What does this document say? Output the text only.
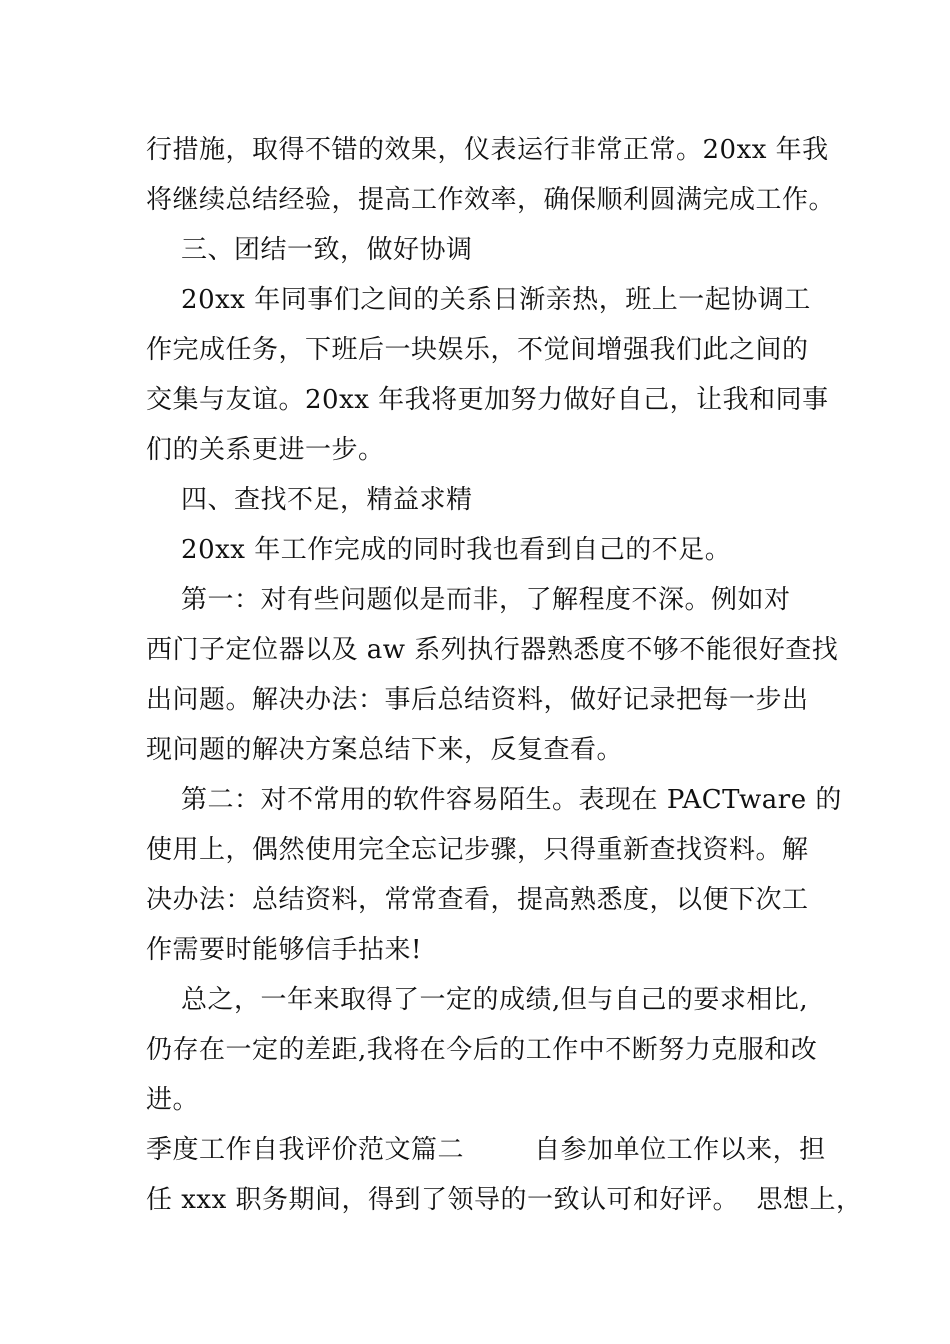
行措施，取得不错的效果，仪表运行非常正常。20xx 年我
将继续总结经验，提高工作效率，确保顺利圆满完成工作。
三、团结一致，做好协调
20xx 年同事们之间的关系日渐亲热，班上一起协调工
作完成任务，下班后一块娱乐，不觉间增强我们此之间的
交集与友谊。20xx 年我将更加努力做好自己，让我和同事
们的关系更进一步。
四、查找不足，精益求精
20xx 年工作完成的同时我也看到自己的不足。
第一：对有些问题似是而非，了解程度不深。例如对
西门子定位器以及 aw 系列执行器熟悉度不够不能很好查找
出问题。解决办法：事后总结资料，做好记录把每一步出
现问题的解决方案总结下来，反复查看。
第二：对不常用的软件容易陌生。表现在 PACTware 的
使用上，偶然使用完全忘记步骤，只得重新查找资料。解
决办法：总结资料，常常查看，提高熟悉度，以便下次工
作需要时能够信手拈来!
总之，一年来取得了一定的成绩,但与自己的要求相比,
仍存在一定的差距,我将在今后的工作中不断努力克服和改
进。
季度工作自我评价范文篇二        自参加单位工作以来，担
任 xxx 职务期间，得到了领导的一致认可和好评。  思想上，
